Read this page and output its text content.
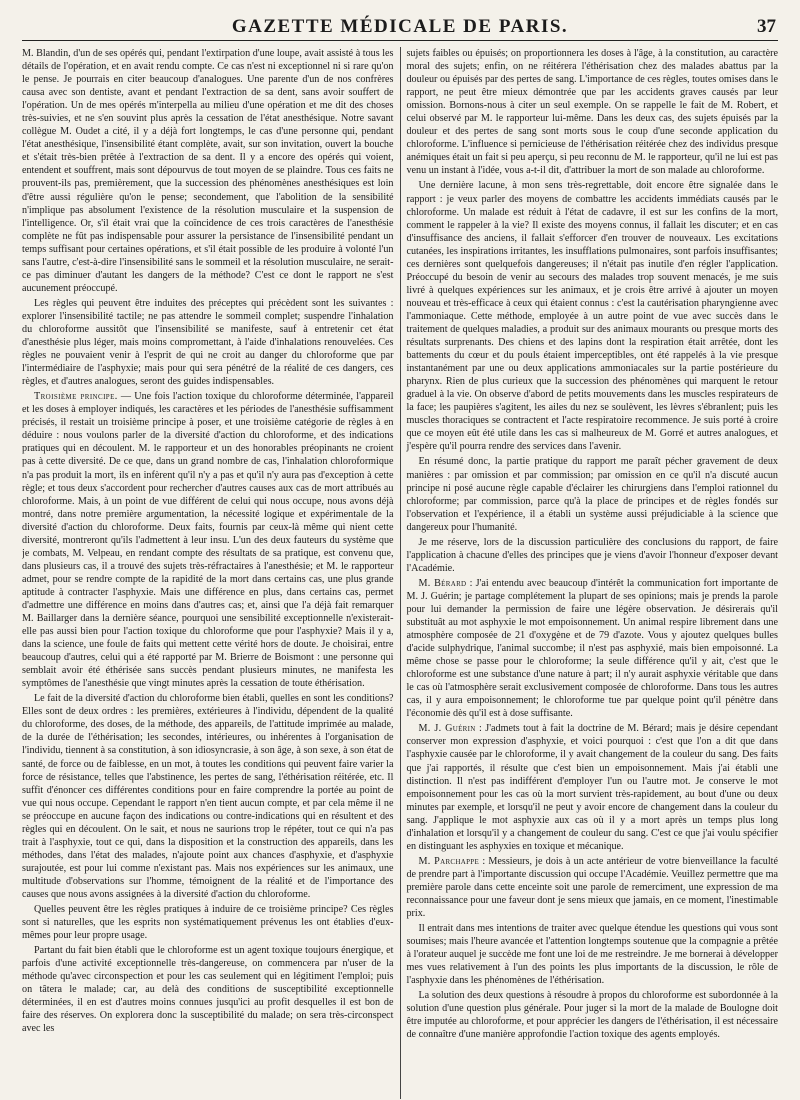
GAZETTE MÉDICALE DE PARIS.	37

M. Blandin, d'un de ses opérés qui, pendant l'extirpation d'une loupe, avait assisté à tous les détails de l'opération, et en avait rendu compte. Ce cas n'est ni exceptionnel ni si rare qu'on le pense. Je pourrais en citer beaucoup d'analogues. Une parente d'un de nos confrères causa avec son dentiste, avant et pendant l'extraction de sa dent, sans avoir souffert de l'opération. Un de mes opérés m'interpella au milieu d'une opération et me dit des choses très-suivies, et ne s'en souvint plus après la cessation de l'état anesthésique. Notre savant collègue M. Oudet a cité, il y a déjà fort longtemps, le cas d'une personne qui, pendant l'état anesthésique, l'insensibilité étant complète, avait, sur son invitation, ouvert la bouche et s'était très-bien prêtée à l'extraction de sa dent. Il y a encore des opérés qui voient, entendent et souffrent, mais sont dépourvus de tout moyen de se plaindre. Tous ces faits ne prouvent-ils pas, premièrement, que la succession des phénomènes anesthésiques est loin d'être aussi régulière qu'on le pense; secondement, que l'abolition de la sensibilité n'implique pas absolument l'existence de la résolution musculaire et la suspension de l'intelligence. Or, s'il était vrai que la coïncidence de ces trois caractères de l'anesthésie complète ne fût pas indispensable pour assurer la persistance de l'insensibilité pendant un temps suffisant pour certaines opérations, et s'il était possible de les produire à volonté l'un sans l'autre, c'est-à-dire l'insensibilité sans le sommeil et la résolution musculaire, ne serait-ce pas diminuer d'autant les dangers de la méthode? C'est ce dont le rapport ne s'est aucunement préoccupé.

Les règles qui peuvent être induites des préceptes qui précèdent sont les suivantes : explorer l'insensibilité tactile; ne pas attendre le sommeil complet; suspendre l'inhalation du chloroforme aussitôt que l'insensibilité se manifeste, sauf à entretenir cet état d'anesthésie plus léger, mais moins compromettant, à l'aide d'inhalations renouvelées. Ces règles ne pouvaient venir à l'esprit de qui ne croit au danger du chloroforme que par l'intermédiaire de l'asphyxie; mais pour qui sera pénétré de la réalité de ces dangers, ces règles, et d'autres analogues, seront des guides indispensables.

Troisième principe. — Une fois l'action toxique du chloroforme déterminée, l'appareil et les doses à employer indiqués, les caractères et les périodes de l'anesthésie suffisamment précisés, il restait un troisième principe à poser, et une troisième catégorie de règles à en déduire : nous voulons parler de la diversité d'action du chloroforme, et des indications pratiques qui en découlent. M. le rapporteur et un des honorables préopinants ne croient pas à cette diversité. De ce que, dans un grand nombre de cas, l'inhalation chloroformique n'a pas produit la mort, ils en infèrent qu'il n'y a pas et qu'il n'y aura pas d'exception à cette règle; et tous deux s'accordent pour rechercher d'autres causes aux cas de mort attribués au chloroforme. Mais, à un point de vue différent de celui qui nous occupe, nous avons déjà montré, dans notre première argumentation, la nécessité logique et expérimentale de la diversité d'action du chloroforme. Deux faits, fournis par ceux-là même qui nient cette diversité, montreront qu'ils l'admettent à leur insu. L'un des deux fauteurs du système que je combats, M. Velpeau, en rendant compte des résultats de sa pratique, est convenu que, dans plusieurs cas, il a trouvé des sujets très-réfractaires à l'anesthésie; et M. le rapporteur admet, pour se rendre compte de la rapidité de la mort dans certains cas, une plus grande aptitude à contracter l'asphyxie. Mais une différence en plus, dans certains cas, permet d'admettre une différence en moins dans d'autres cas; et, ainsi que l'a déjà fait remarquer M. Baillarger dans la dernière séance, pourquoi une sensibilité exceptionnelle n'existerait-elle pas aussi bien pour l'action toxique du chloroforme que pour l'asphyxie? Mais il y a, dans la science, une foule de faits qui mettent cette vérité hors de doute. Je choisirai, entre beaucoup d'autres, celui qui a été rapporté par M. Brierre de Boismont : une personne qui semblait avoir été éthérisée sans succès pendant plusieurs minutes, ne manifesta les symptômes de l'anesthésie que vingt minutes après la cessation de toute éthérisation.

Le fait de la diversité d'action du chloroforme bien établi, quelles en sont les conditions? Elles sont de deux ordres : les premières, extérieures à l'individu, dépendent de la qualité du chloroforme, des doses, de la méthode, des appareils, de l'attitude imprimée au malade, de la durée de l'éthérisation; les secondes, intérieures, ou inhérentes à l'organisation de l'individu, tiennent à sa constitution, à son idiosyncrasie, à son âge, à son sexe, à son état de santé, de force ou de faiblesse, en un mot, à toutes les conditions qui peuvent faire varier la force de résistance, telles que l'abstinence, les pertes de sang, l'éthérisation réitérée, etc. Il suffit d'énoncer ces différentes conditions pour en faire comprendre la portée au point de vue qui nous occupe. Cependant le rapport n'en tient aucun compte, et par cela même il ne se préoccupe en aucune façon des indications ou contre-indications qui en résultent et des règles qui en découlent. On le sait, et nous ne saurions trop le répéter, tout ce qui n'a pas trait à l'asphyxie, tout ce qui, dans la disposition et la construction des appareils, dans les méthodes, dans l'état des malades, n'ajoute point aux chances d'asphyxie, et d'asphyxie surajoutée, est pour lui comme n'existant pas. Mais nos expériences sur les animaux, une multitude d'observations sur l'homme, témoignent de la réalité et de l'importance des causes que nous avons assignées à la diversité d'action du chloroforme.

Quelles peuvent être les règles pratiques à induire de ce troisième principe? Ces règles sont si naturelles, que les esprits non systématiquement prévenus les ont établies d'eux-mêmes pour leur propre usage.

Partant du fait bien établi que le chloroforme est un agent toxique toujours énergique, et parfois d'une activité exceptionnelle très-dangereuse, on commencera par n'user de la méthode qu'avec circonspection et pour les cas seulement qui en légitiment l'emploi; puis on tâtera le malade; car, au delà des conditions de susceptibilité exceptionnelle déterminées, il en est d'autres moins connues jusqu'ici au profit desquelles il est bon de faire des réserves. On explorera donc la susceptibilité du malade; on sera très-circonspect avec les

sujets faibles ou épuisés; on proportionnera les doses à l'âge, à la constitution, au caractère moral des sujets; enfin, on ne réitérera l'éthérisation chez des malades abattus par la douleur ou épuisés par des pertes de sang. L'importance de ces règles, toutes omises dans le rapport, ne peut être mieux démontrée que par les accidents graves causés par leur omission. Bornons-nous à citer un seul exemple. On se rappelle le fait de M. Robert, et celui observé par M. le rapporteur lui-même. Dans les deux cas, des sujets épuisés par la douleur et des pertes de sang sont morts sous le coup d'une seconde application du chloroforme. L'influence si pernicieuse de l'éthérisation réitérée chez des individus presque anémiques était un fait si peu aperçu, si peu reconnu de M. le rapporteur, qu'il ne lui est pas venu un instant à l'idée, vous a-t-il dit, d'attribuer la mort de son malade au chloroforme.

Une dernière lacune, à mon sens très-regrettable, doit encore être signalée dans le rapport : je veux parler des moyens de combattre les accidents immédiats causés par le chloroforme. Un malade est réduit à l'état de cadavre, il est sur les confins de la mort, comment le rappeler à la vie? Il existe des moyens connus, il fallait les discuter; et en cas d'insuffisance des anciens, il fallait s'efforcer d'en trouver de nouveaux. Les excitations cutanées, les inspirations irritantes, les insufflations pulmonaires, sont parfois insuffisantes; ces dernières sont quelquefois dangereuses; il n'était pas inutile d'en régler l'application. Préoccupé du besoin de venir au secours des malades trop souvent menacés, je me suis livré à quelques expériences sur les animaux, et je crois être arrivé à ajouter un moyen nouveau et très-efficace à ceux qui étaient connus : c'est la cautérisation pharyngienne avec l'ammoniaque. Cette méthode, employée à un autre point de vue avec succès dans le traitement de quelques maladies, a produit sur des animaux mourants ou presque morts des résultats surprenants. Des chiens et des lapins dont la respiration était arrêtée, dont les battements du cœur et du pouls étaient imperceptibles, ont été rappelés à la vie presque instantanément par une ou deux applications ammoniacales sur la partie postérieure du pharynx. Rien de plus curieux que la succession des phénomènes qui marquent le retour graduel à la vie. On observe d'abord de petits mouvements dans les muscles respirateurs de la face; les paupières s'agitent, les ailes du nez se soulèvent, les lèvres s'ébranlent; puis les muscles thoraciques se contractent et l'acte respiratoire recommence. Je suis porté à croire que ce moyen eût été utile dans les cas si malheureux de M. Gorré et autres analogues, et j'espère qu'il pourra rendre des services dans l'avenir.

En résumé donc, la partie pratique du rapport me paraît pécher gravement de deux manières : par omission et par commission; par omission en ce qu'il n'a discuté aucun principe ni posé aucune règle capable d'éclairer les chirurgiens dans l'emploi rationnel du chloroforme; par commission, parce qu'à la place de principes et de règles fondés sur l'observation et l'expérience, il a établi un système aussi préjudiciable à la science que dangereux pour l'humanité.

Je me réserve, lors de la discussion particulière des conclusions du rapport, de faire l'application à chacune d'elles des principes que je viens d'avoir l'honneur d'exposer devant l'Académie.

M. Bérard : J'ai entendu avec beaucoup d'intérêt la communication fort importante de M. J. Guérin; je partage complétement la plupart de ses opinions; mais je prends la parole pour lui demander la permission de faire une légère observation. Je désirerais qu'il substituât au mot asphyxie le mot empoisonnement. Un animal respire librement dans une atmosphère composée de 21 d'oxygène et de 79 d'azote. Vous y ajoutez quelques bulles d'acide sulphydrique, l'animal succombe; il n'est pas asphyxié, mais bien empoisonné. La même chose se passe pour le chloroforme; la seule différence qu'il y ait, c'est que le chloroforme est une substance d'une nature à part; il n'y aurait asphyxie véritable que dans le cas où l'atmosphère serait exclusivement composée de chloroforme. Dans tous les autres cas, il y aura empoisonnement; le chloroforme tue par quelque point qu'il pénètre dans l'économie dès qu'il est à dose suffisante.

M. J. Guérin : J'admets tout à fait la doctrine de M. Bérard; mais je désire cependant conserver mon expression d'asphyxie, et voici pourquoi : c'est que l'on a dit que dans l'asphyxie causée par le chloroforme, il y avait changement de la couleur du sang. Des faits que j'ai rapportés, il résulte que c'est bien un empoisonnement. Mais j'ai établi une distinction. Il n'est pas indifférent d'employer l'un ou l'autre mot. Je conserve le mot empoisonnement pour les cas où la mort survient très-rapidement, au bout d'une ou deux minutes par exemple, et lorsqu'il ne peut y avoir encore de changement dans la couleur du sang. J'applique le mot asphyxie aux cas où il y a mort après un temps plus long d'inhalation et lorsqu'il y a changement de couleur du sang. C'est ce que j'ai voulu spécifier en distinguant les asphyxies en toxique et mécanique.

M. Parchappe : Messieurs, je dois à un acte antérieur de votre bienveillance la faculté de prendre part à l'importante discussion qui occupe l'Académie. Veuillez permettre que ma première parole dans cette enceinte soit une parole de remerciment, une expression de ma reconnaissance pour une faveur dont je sens mieux que jamais, en ce moment, l'inestimable prix.

Il entrait dans mes intentions de traiter avec quelque étendue les questions qui vous sont soumises; mais l'heure avancée et l'attention longtemps soutenue que la compagnie a prêtée à l'orateur auquel je succède me font une loi de me restreindre. Je me bornerai à développer mes vues relativement à l'un des points les plus importants de la discussion, le rôle de l'asphyxie dans les phénomènes de l'éthérisation.

La solution des deux questions à résoudre à propos du chloroforme est subordonnée à la solution d'une question plus générale. Pour juger si la mort de la malade de Boulogne doit être imputée au chloroforme, et pour apprécier les dangers de l'éthérisation, il est nécessaire de connaître d'une manière approfondie l'action toxique des agents employés.
